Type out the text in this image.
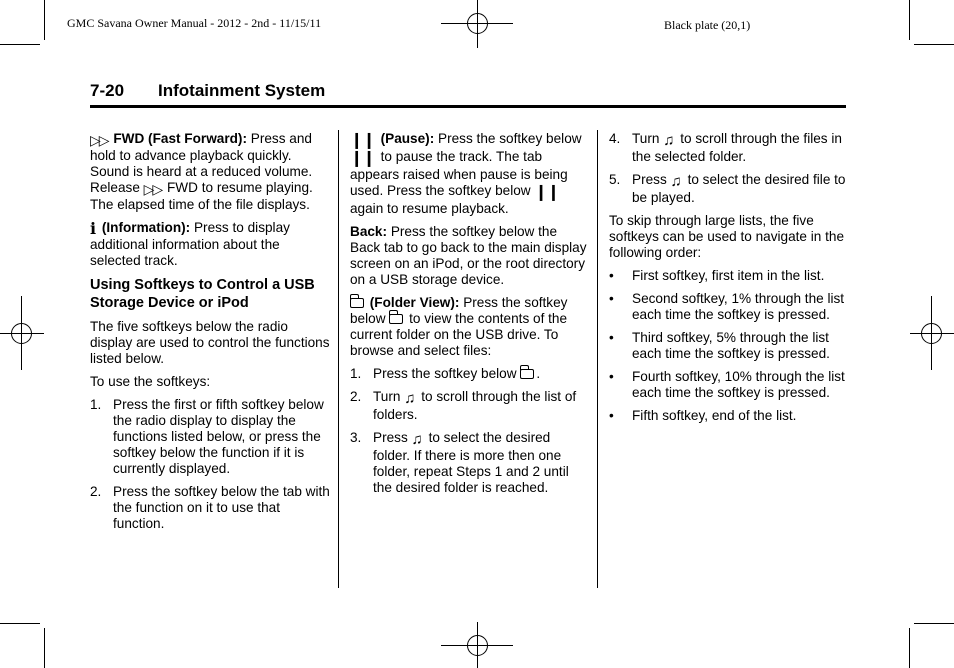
GMC Savana Owner Manual - 2012 - 2nd - 11/15/11	Black plate (20,1)
7-20 Infotainment System

▷▷ FWD (Fast Forward): Press and hold to advance playback quickly. Sound is heard at a reduced volume. Release ▷▷ FWD to resume playing. The elapsed time of the file displays.

i (Information): Press to display additional information about the selected track.

Using Softkeys to Control a USB Storage Device or iPod

The five softkeys below the radio display are used to control the functions listed below.

To use the softkeys:

1. Press the first or fifth softkey below the radio display to display the functions listed below, or press the softkey below the function if it is currently displayed.
2. Press the softkey below the tab with the function on it to use that function.

❙❙ (Pause): Press the softkey below ❙❙ to pause the track. The tab appears raised when pause is being used. Press the softkey below ❙❙ again to resume playback.

Back: Press the softkey below the Back tab to go back to the main display screen on an iPod, or the root directory on a USB storage device.

(Folder View): Press the softkey below to view the contents of the current folder on the USB drive. To browse and select files:

1. Press the softkey below .
2. Turn ♫ to scroll through the list of folders.
3. Press ♫ to select the desired folder. If there is more then one folder, repeat Steps 1 and 2 until the desired folder is reached.
4. Turn ♫ to scroll through the files in the selected folder.
5. Press ♫ to select the desired file to be played.

To skip through large lists, the five softkeys can be used to navigate in the following order:

• First softkey, first item in the list.
• Second softkey, 1% through the list each time the softkey is pressed.
• Third softkey, 5% through the list each time the softkey is pressed.
• Fourth softkey, 10% through the list each time the softkey is pressed.
• Fifth softkey, end of the list.
